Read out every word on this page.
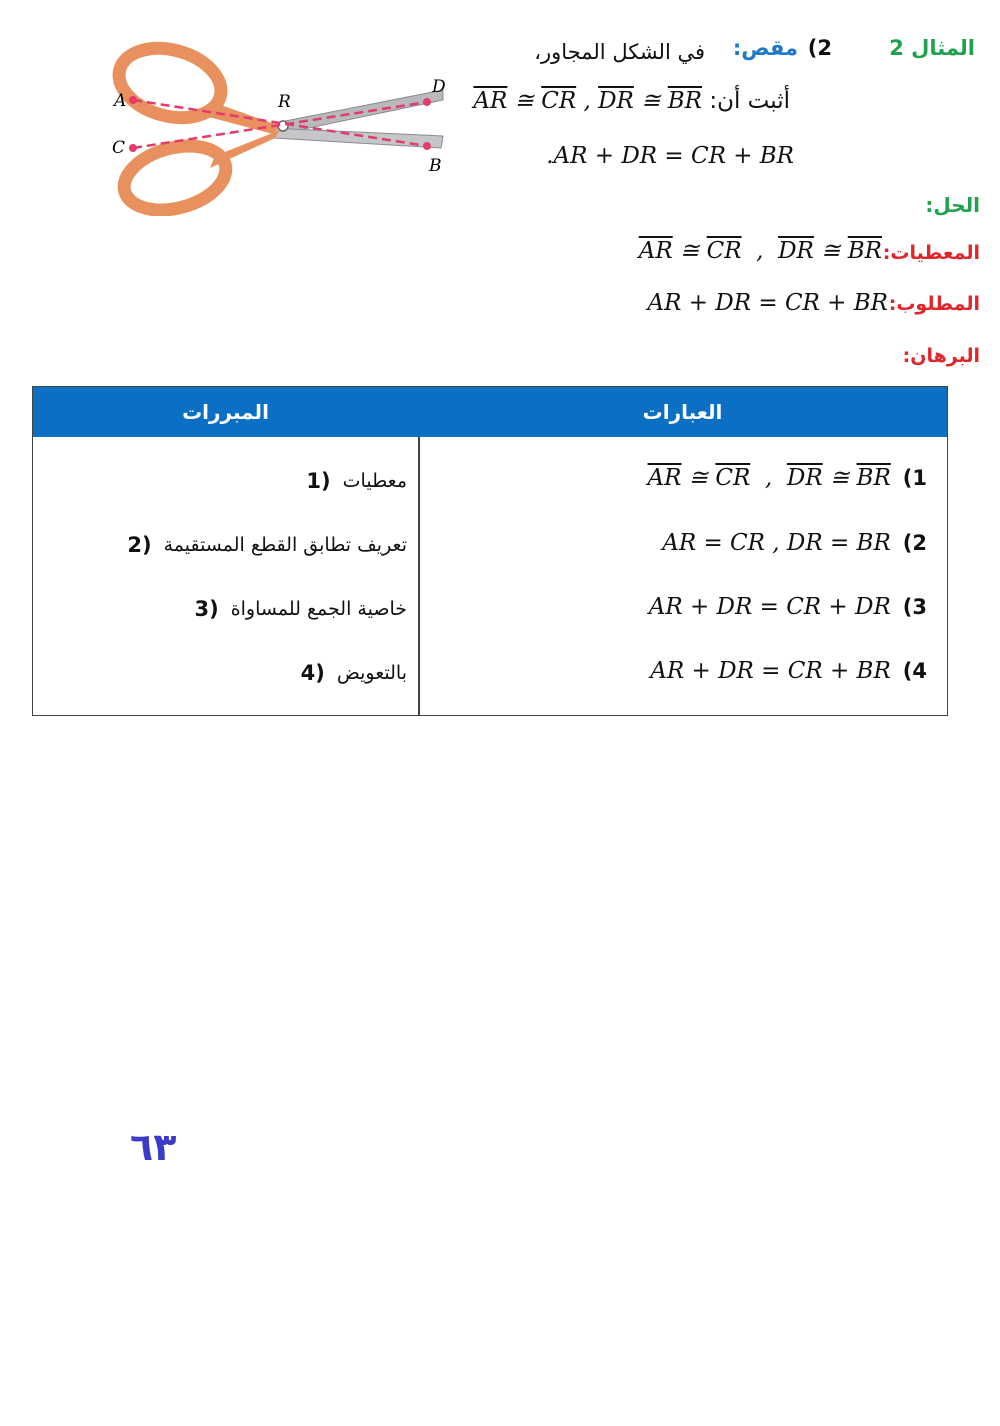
A	R
D
C
B
المثال 2
(2
مقص:
في الشكل المجاور،
أثبت أن: $\overline{AR}$ ≅ $\overline{CR}$ , $\overline{DR}$ ≅ $\overline{BR}$
.AR + DR = CR + BR
الحل:
المعطيات:
$\overline{AR}$ ≅ $\overline{CR}$  ,  $\overline{DR}$ ≅ $\overline{BR}$
المطلوب:
AR + DR = CR + BR
البرهان:
المبررات	العبارات
(1
$\overline{AR}$ ≅ $\overline{CR}$  ,  $\overline{DR}$ ≅ $\overline{BR}$
(1 معطيات
(2
AR = CR , DR = BR
(2 تعريف تطابق القطع المستقيمة
(3
AR + DR = CR + DR
(3 خاصية الجمع للمساواة
(4
AR + DR = CR + BR
(4 بالتعويض
٦٣
